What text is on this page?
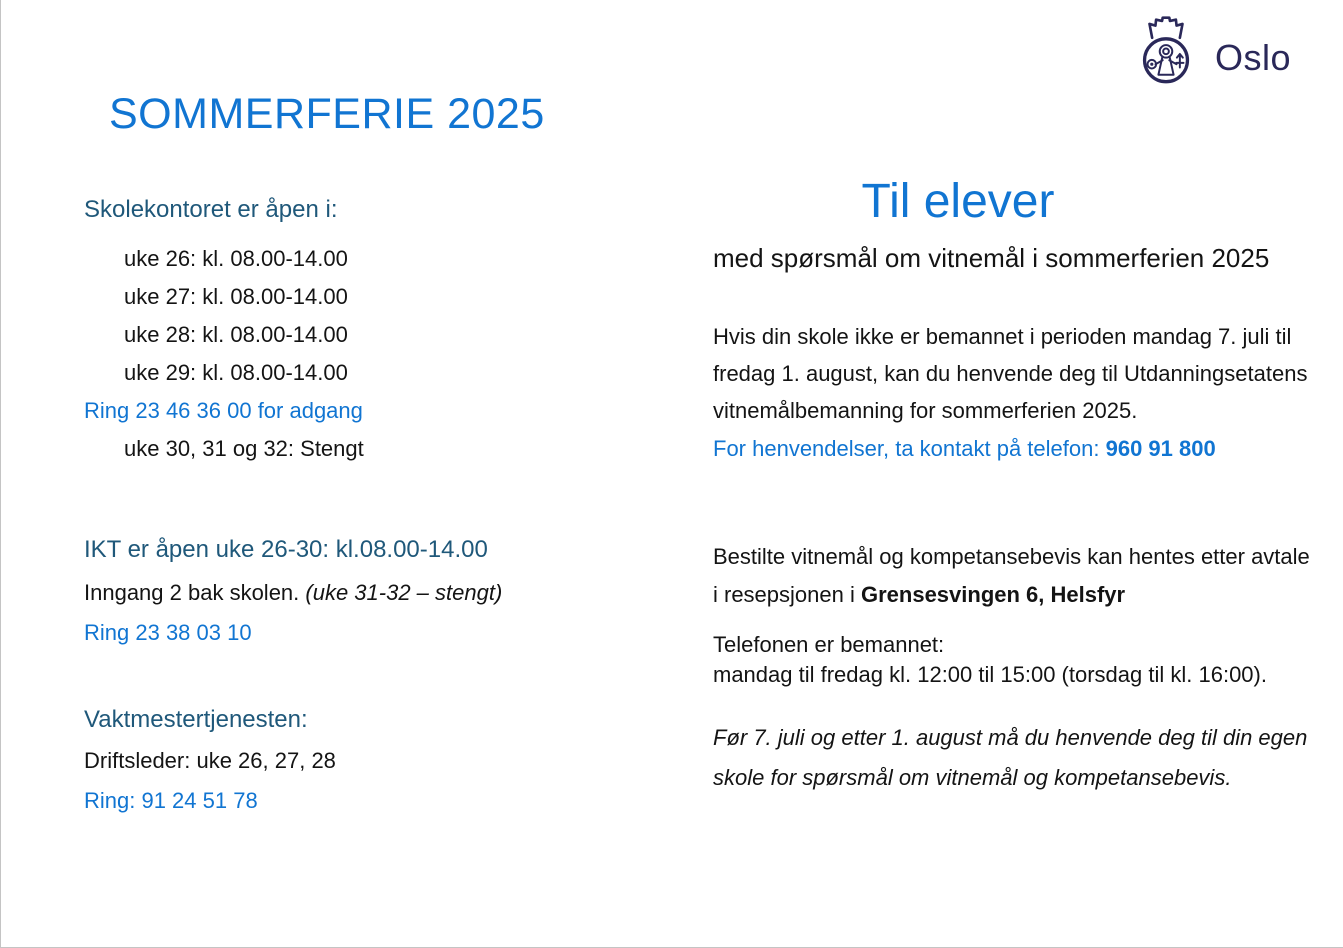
SOMMERFERIE 2025
Oslo
Skolekontoret er åpen i:
uke 26: kl. 08.00-14.00
uke 27: kl. 08.00-14.00
uke 28: kl. 08.00-14.00
uke 29: kl. 08.00-14.00
Ring 23 46 36 00 for adgang
uke 30, 31 og 32: Stengt
IKT er åpen uke 26-30: kl.08.00-14.00
Inngang 2 bak skolen. (uke 31-32 – stengt)
Ring 23 38 03 10
Vaktmestertjenesten:
Driftsleder: uke 26, 27, 28
Ring: 91 24 51 78
Til elever
med spørsmål om vitnemål i sommerferien 2025
Hvis din skole ikke er bemannet i perioden mandag 7. juli til
fredag 1. august, kan du henvende deg til Utdanningsetatens
vitnemålbemanning for sommerferien 2025.
For henvendelser, ta kontakt på telefon: 960 91 800
Bestilte vitnemål og kompetansebevis kan hentes etter avtale
i resepsjonen i Grensesvingen 6, Helsfyr
Telefonen er bemannet:
mandag til fredag kl. 12:00 til 15:00 (torsdag til kl. 16:00).
Før 7. juli og etter 1. august må du henvende deg til din egen
skole for spørsmål om vitnemål og kompetansebevis.
